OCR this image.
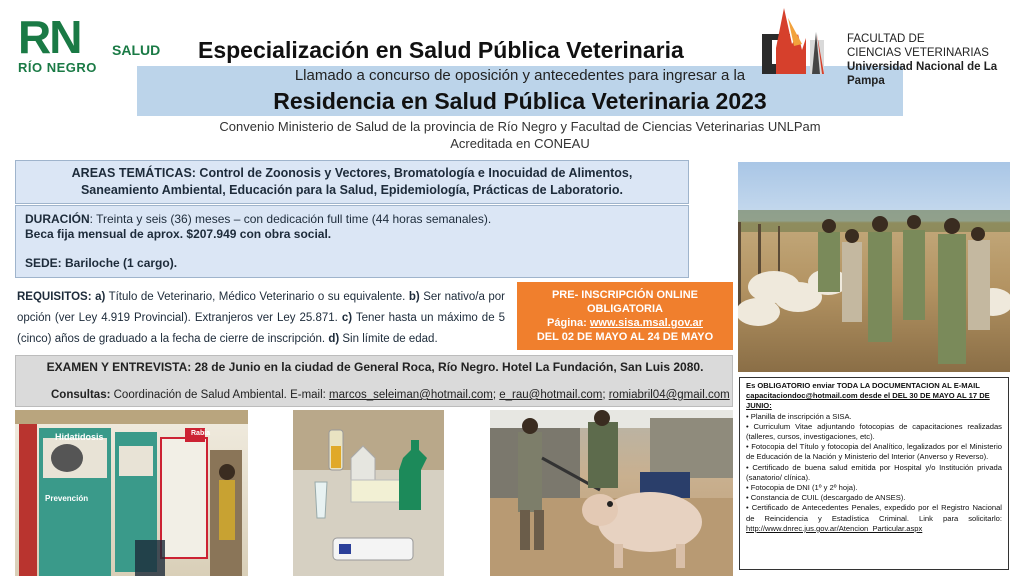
RN
RÍO NEGRO
SALUD Especialización en Salud Pública Veterinaria
Llamado a concurso de oposición y antecedentes para ingresar a la
Residencia en Salud Pública Veterinaria 2023
Convenio Ministerio de Salud de la provincia de Río Negro y Facultad de Ciencias Veterinarias UNLPam
Acreditada en CONEAU
FACULTAD DE
CIENCIAS VETERINARIAS
Universidad Nacional de La Pampa
AREAS TEMÁTICAS: Control de Zoonosis y Vectores, Bromatología e Inocuidad de Alimentos,
Saneamiento Ambiental, Educación para la Salud, Epidemiología, Prácticas de Laboratorio.
DURACIÓN: Treinta y seis (36) meses – con dedicación full time (44 horas semanales).
Beca fija mensual de aprox. $207.949 con obra social.
SEDE: Bariloche (1 cargo).
REQUISITOS: a) Título de Veterinario, Médico Veterinario o su equivalente. b) Ser nativo/a por opción (ver Ley 4.919 Provincial). Extranjeros ver Ley 25.871. c) Tener hasta un máximo de 5 (cinco) años de graduado a la fecha de cierre de inscripción. d) Sin límite de edad.
PRE- INSCRIPCIÓN ONLINE
OBLIGATORIA
Página: www.sisa.msal.gov.ar
DEL 02 DE MAYO AL 24 DE MAYO
EXAMEN Y ENTREVISTA: 28 de Junio en la ciudad de General Roca, Río Negro. Hotel La Fundación, San Luis 2080.
Consultas: Coordinación de Salud Ambiental. E-mail: marcos_seleiman@hotmail.com; e_rau@hotmail.com; romiabril04@gmail.com
Es OBLIGATORIO enviar TODA LA DOCUMENTACION AL E-MAIL capacitaciondoc@hotmail.com desde el DEL 30 DE MAYO AL 17 DE JUNIO:
• Planilla de inscripción a SISA.
• Curriculum Vitae adjuntando fotocopias de capacitaciones realizadas (talleres, cursos, investigaciones, etc).
• Fotocopia del Título y fotocopia del Analítico, legalizados por el Ministerio de Educación de la Nación y Ministerio del Interior (Anverso y Reverso).
• Certificado de buena salud emitida por Hospital y/o Institución privada (sanatorio/ clínica).
• Fotocopia de DNI (1º y 2º hoja).
• Constancia de CUIL (descargado de ANSES).
• Certificado de Antecedentes Penales, expedido por el Registro Nacional de Reincidencia y Estadística Criminal. Link para solicitarlo: http://www.dnrec.jus.gov.ar/Atencion_Particular.aspx
Hidatidosis
Prevención
Rabia
